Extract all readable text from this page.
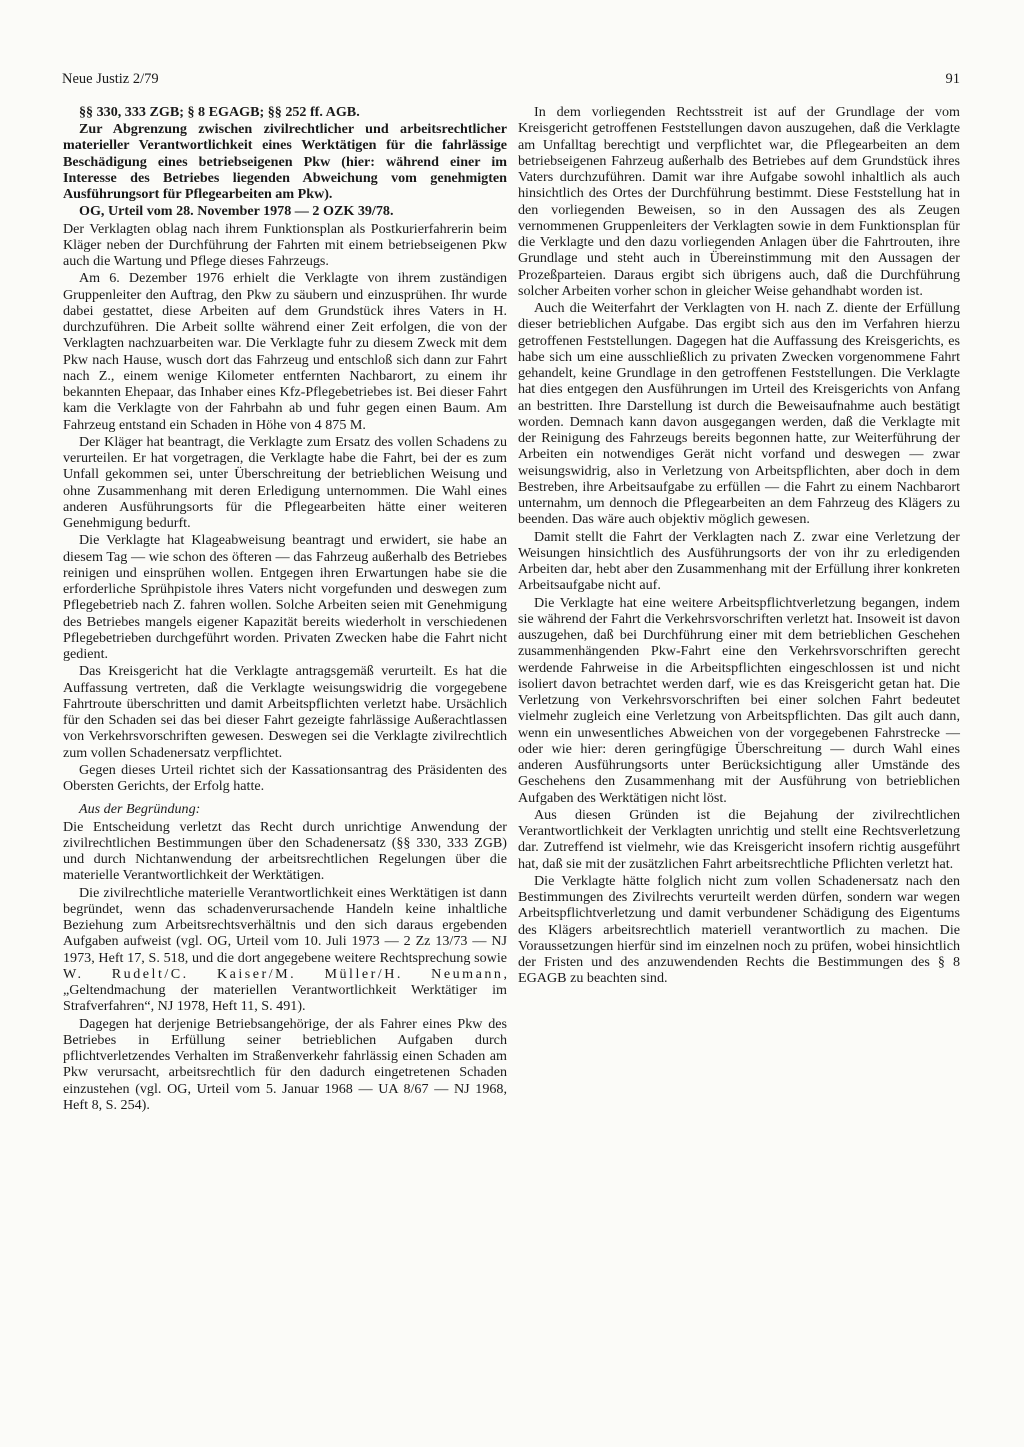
Neue Justiz 2/79	91

§§ 330, 333 ZGB; § 8 EGAGB; §§ 252 ff. AGB.

Zur Abgrenzung zwischen zivilrechtlicher und arbeitsrechtlicher materieller Verantwortlichkeit eines Werktätigen für die fahrlässige Beschädigung eines betriebseigenen Pkw (hier: während einer im Interesse des Betriebes liegenden Abweichung vom genehmigten Ausführungsort für Pflegearbeiten am Pkw).

OG, Urteil vom 28. November 1978 — 2 OZK 39/78.

Der Verklagten oblag nach ihrem Funktionsplan als Postkurierfahrerin beim Kläger neben der Durchführung der Fahrten mit einem betriebseigenen Pkw auch die Wartung und Pflege dieses Fahrzeugs.

Am 6. Dezember 1976 erhielt die Verklagte von ihrem zuständigen Gruppenleiter den Auftrag, den Pkw zu säubern und einzusprühen. Ihr wurde dabei gestattet, diese Arbeiten auf dem Grundstück ihres Vaters in H. durchzuführen. Die Arbeit sollte während einer Zeit erfolgen, die von der Verklagten nachzuarbeiten war. Die Verklagte fuhr zu diesem Zweck mit dem Pkw nach Hause, wusch dort das Fahrzeug und entschloß sich dann zur Fahrt nach Z., einem wenige Kilometer entfernten Nachbarort, zu einem ihr bekannten Ehepaar, das Inhaber eines Kfz-Pflegebetriebes ist. Bei dieser Fahrt kam die Verklagte von der Fahrbahn ab und fuhr gegen einen Baum. Am Fahrzeug entstand ein Schaden in Höhe von 4 875 M.

Der Kläger hat beantragt, die Verklagte zum Ersatz des vollen Schadens zu verurteilen. Er hat vorgetragen, die Verklagte habe die Fahrt, bei der es zum Unfall gekommen sei, unter Überschreitung der betrieblichen Weisung und ohne Zusammenhang mit deren Erledigung unternommen. Die Wahl eines anderen Ausführungsorts für die Pflegearbeiten hätte einer weiteren Genehmigung bedurft.

Die Verklagte hat Klageabweisung beantragt und erwidert, sie habe an diesem Tag — wie schon des öfteren — das Fahrzeug außerhalb des Betriebes reinigen und einsprühen wollen. Entgegen ihren Erwartungen habe sie die erforderliche Sprühpistole ihres Vaters nicht vorgefunden und deswegen zum Pflegebetrieb nach Z. fahren wollen. Solche Arbeiten seien mit Genehmigung des Betriebes mangels eigener Kapazität bereits wiederholt in verschiedenen Pflegebetrieben durchgeführt worden. Privaten Zwecken habe die Fahrt nicht gedient.

Das Kreisgericht hat die Verklagte antragsgemäß verurteilt. Es hat die Auffassung vertreten, daß die Verklagte weisungswidrig die vorgegebene Fahrtroute überschritten und damit Arbeitspflichten verletzt habe. Ursächlich für den Schaden sei das bei dieser Fahrt gezeigte fahrlässige Außerachtlassen von Verkehrsvorschriften gewesen. Deswegen sei die Verklagte zivilrechtlich zum vollen Schadenersatz verpflichtet.

Gegen dieses Urteil richtet sich der Kassationsantrag des Präsidenten des Obersten Gerichts, der Erfolg hatte.

Aus der Begründung:

Die Entscheidung verletzt das Recht durch unrichtige Anwendung der zivilrechtlichen Bestimmungen über den Schadenersatz (§§ 330, 333 ZGB) und durch Nichtanwendung der arbeitsrechtlichen Regelungen über die materielle Verantwortlichkeit der Werktätigen.

Die zivilrechtliche materielle Verantwortlichkeit eines Werktätigen ist dann begründet, wenn das schadenverursachende Handeln keine inhaltliche Beziehung zum Arbeitsrechtsverhältnis und den sich daraus ergebenden Aufgaben aufweist (vgl. OG, Urteil vom 10. Juli 1973 — 2 Zz 13/73 — NJ 1973, Heft 17, S. 518, und die dort angegebene weitere Rechtsprechung sowie W. Rudelt/C. Kaiser/M. Müller/H. Neumann, „Geltendmachung der materiellen Verantwortlichkeit Werktätiger im Strafverfahren“, NJ 1978, Heft 11, S. 491).

Dagegen hat derjenige Betriebsangehörige, der als Fahrer eines Pkw des Betriebes in Erfüllung seiner betrieblichen Aufgaben durch pflichtverletzendes Verhalten im Straßenverkehr fahrlässig einen Schaden am Pkw verursacht, arbeitsrechtlich für den dadurch eingetretenen Schaden einzustehen (vgl. OG, Urteil vom 5. Januar 1968 — UA 8/67 — NJ 1968, Heft 8, S. 254).

In dem vorliegenden Rechtsstreit ist auf der Grundlage der vom Kreisgericht getroffenen Feststellungen davon auszugehen, daß die Verklagte am Unfalltag berechtigt und verpflichtet war, die Pflegearbeiten an dem betriebseigenen Fahrzeug außerhalb des Betriebes auf dem Grundstück ihres Vaters durchzuführen. Damit war ihre Aufgabe sowohl inhaltlich als auch hinsichtlich des Ortes der Durchführung bestimmt. Diese Feststellung hat in den vorliegenden Beweisen, so in den Aussagen des als Zeugen vernommenen Gruppenleiters der Verklagten sowie in dem Funktionsplan für die Verklagte und den dazu vorliegenden Anlagen über die Fahrtrouten, ihre Grundlage und steht auch in Übereinstimmung mit den Aussagen der Prozeßparteien. Daraus ergibt sich übrigens auch, daß die Durchführung solcher Arbeiten vorher schon in gleicher Weise gehandhabt worden ist.

Auch die Weiterfahrt der Verklagten von H. nach Z. diente der Erfüllung dieser betrieblichen Aufgabe. Das ergibt sich aus den im Verfahren hierzu getroffenen Feststellungen. Dagegen hat die Auffassung des Kreisgerichts, es habe sich um eine ausschließlich zu privaten Zwecken vorgenommene Fahrt gehandelt, keine Grundlage in den getroffenen Feststellungen. Die Verklagte hat dies entgegen den Ausführungen im Urteil des Kreisgerichts von Anfang an bestritten. Ihre Darstellung ist durch die Beweisaufnahme auch bestätigt worden. Demnach kann davon ausgegangen werden, daß die Verklagte mit der Reinigung des Fahrzeugs bereits begonnen hatte, zur Weiterführung der Arbeiten ein notwendiges Gerät nicht vorfand und deswegen — zwar weisungswidrig, also in Verletzung von Arbeitspflichten, aber doch in dem Bestreben, ihre Arbeitsaufgabe zu erfüllen — die Fahrt zu einem Nachbarort unternahm, um dennoch die Pflegearbeiten an dem Fahrzeug des Klägers zu beenden. Das wäre auch objektiv möglich gewesen.

Damit stellt die Fahrt der Verklagten nach Z. zwar eine Verletzung der Weisungen hinsichtlich des Ausführungsorts der von ihr zu erledigenden Arbeiten dar, hebt aber den Zusammenhang mit der Erfüllung ihrer konkreten Arbeitsaufgabe nicht auf.

Die Verklagte hat eine weitere Arbeitspflichtverletzung begangen, indem sie während der Fahrt die Verkehrsvorschriften verletzt hat. Insoweit ist davon auszugehen, daß bei Durchführung einer mit dem betrieblichen Geschehen zusammenhängenden Pkw-Fahrt eine den Verkehrsvorschriften gerecht werdende Fahrweise in die Arbeitspflichten eingeschlossen ist und nicht isoliert davon betrachtet werden darf, wie es das Kreisgericht getan hat. Die Verletzung von Verkehrsvorschriften bei einer solchen Fahrt bedeutet vielmehr zugleich eine Verletzung von Arbeitspflichten. Das gilt auch dann, wenn ein unwesentliches Abweichen von der vorgegebenen Fahrstrecke — oder wie hier: deren geringfügige Überschreitung — durch Wahl eines anderen Ausführungsorts unter Berücksichtigung aller Umstände des Geschehens den Zusammenhang mit der Ausführung von betrieblichen Aufgaben des Werktätigen nicht löst.

Aus diesen Gründen ist die Bejahung der zivilrechtlichen Verantwortlichkeit der Verklagten unrichtig und stellt eine Rechtsverletzung dar. Zutreffend ist vielmehr, wie das Kreisgericht insofern richtig ausgeführt hat, daß sie mit der zusätzlichen Fahrt arbeitsrechtliche Pflichten verletzt hat.

Die Verklagte hätte folglich nicht zum vollen Schadenersatz nach den Bestimmungen des Zivilrechts verurteilt werden dürfen, sondern war wegen Arbeitspflichtverletzung und damit verbundener Schädigung des Eigentums des Klägers arbeitsrechtlich materiell verantwortlich zu machen. Die Voraussetzungen hierfür sind im einzelnen noch zu prüfen, wobei hinsichtlich der Fristen und des anzuwendenden Rechts die Bestimmungen des § 8 EGAGB zu beachten sind.
